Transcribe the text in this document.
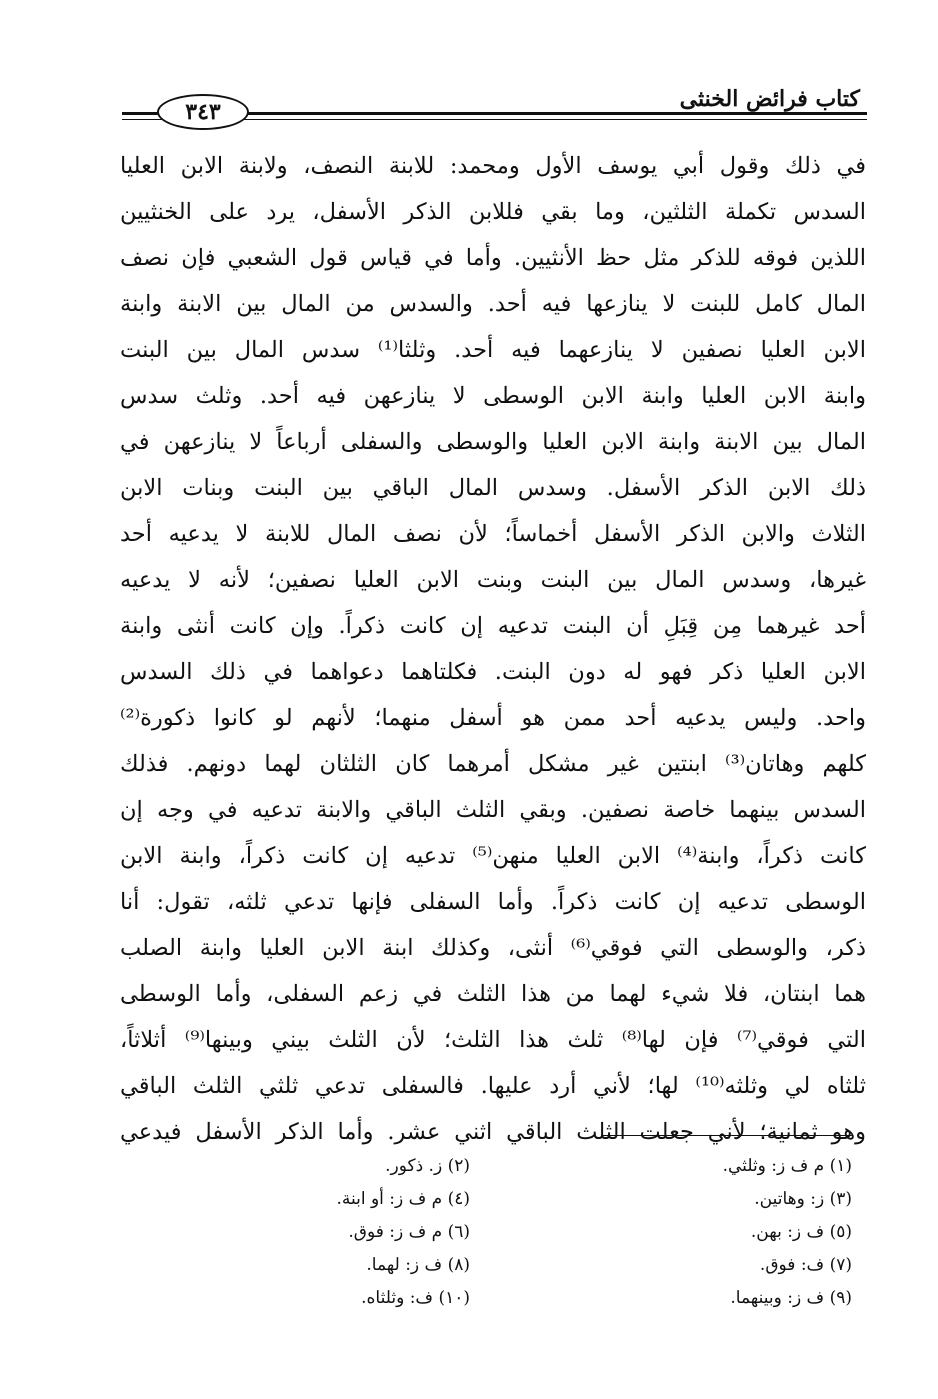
كتاب فرائض الخنثى
٣٤٣
في ذلك وقول أبي يوسف الأول ومحمد: للابنة النصف، ولابنة الابن العليا
السدس تكملة الثلثين، وما بقي فللابن الذكر الأسفل، يرد على الخنثيين
اللذين فوقه للذكر مثل حظ الأنثيين. وأما في قياس قول الشعبي فإن نصف
المال كامل للبنت لا ينازعها فيه أحد. والسدس من المال بين الابنة وابنة
الابن العليا نصفين لا ينازعهما فيه أحد. وثلثا⁽¹⁾ سدس المال بين البنت
وابنة الابن العليا وابنة الابن الوسطى لا ينازعهن فيه أحد. وثلث سدس
المال بين الابنة وابنة الابن العليا والوسطى والسفلى أرباعاً لا ينازعهن في
ذلك الابن الذكر الأسفل. وسدس المال الباقي بين البنت وبنات الابن
الثلاث والابن الذكر الأسفل أخماساً؛ لأن نصف المال للابنة لا يدعيه أحد
غيرها، وسدس المال بين البنت وبنت الابن العليا نصفين؛ لأنه لا يدعيه
أحد غيرهما مِن قِبَلِ أن البنت تدعيه إن كانت ذكراً. وإن كانت أنثى وابنة
الابن العليا ذكر فهو له دون البنت. فكلتاهما دعواهما في ذلك السدس
واحد. وليس يدعيه أحد ممن هو أسفل منهما؛ لأنهم لو كانوا ذكورة⁽²⁾
كلهم وهاتان⁽³⁾ ابنتين غير مشكل أمرهما كان الثلثان لهما دونهم. فذلك
السدس بينهما خاصة نصفين. وبقي الثلث الباقي والابنة تدعيه في وجه إن
كانت ذكراً، وابنة⁽⁴⁾ الابن العليا منهن⁽⁵⁾ تدعيه إن كانت ذكراً، وابنة الابن
الوسطى تدعيه إن كانت ذكراً. وأما السفلى فإنها تدعي ثلثه، تقول: أنا
ذكر، والوسطى التي فوقي⁽⁶⁾ أنثى، وكذلك ابنة الابن العليا وابنة الصلب
هما ابنتان، فلا شيء لهما من هذا الثلث في زعم السفلى، وأما الوسطى
التي فوقي⁽⁷⁾ فإن لها⁽⁸⁾ ثلث هذا الثلث؛ لأن الثلث بيني وبينها⁽⁹⁾ أثلاثاً،
ثلثاه لي وثلثه⁽¹⁰⁾ لها؛ لأني أرد عليها. فالسفلى تدعي ثلثي الثلث الباقي
وهو ثمانية؛ لأني جعلت الثلث الباقي اثني عشر. وأما الذكر الأسفل فيدعي
(١) م ف ز: وثلثي.
(٣) ز: وهاتين.
(٥) ف ز: بهن.
(٧) ف: فوق.
(٩) ف ز: وبينهما.
(٢) ز. ذكور.
(٤) م ف ز: أو ابنة.
(٦) م ف ز: فوق.
(٨) ف ز: لهما.
(١٠) ف: وثلثاه.
